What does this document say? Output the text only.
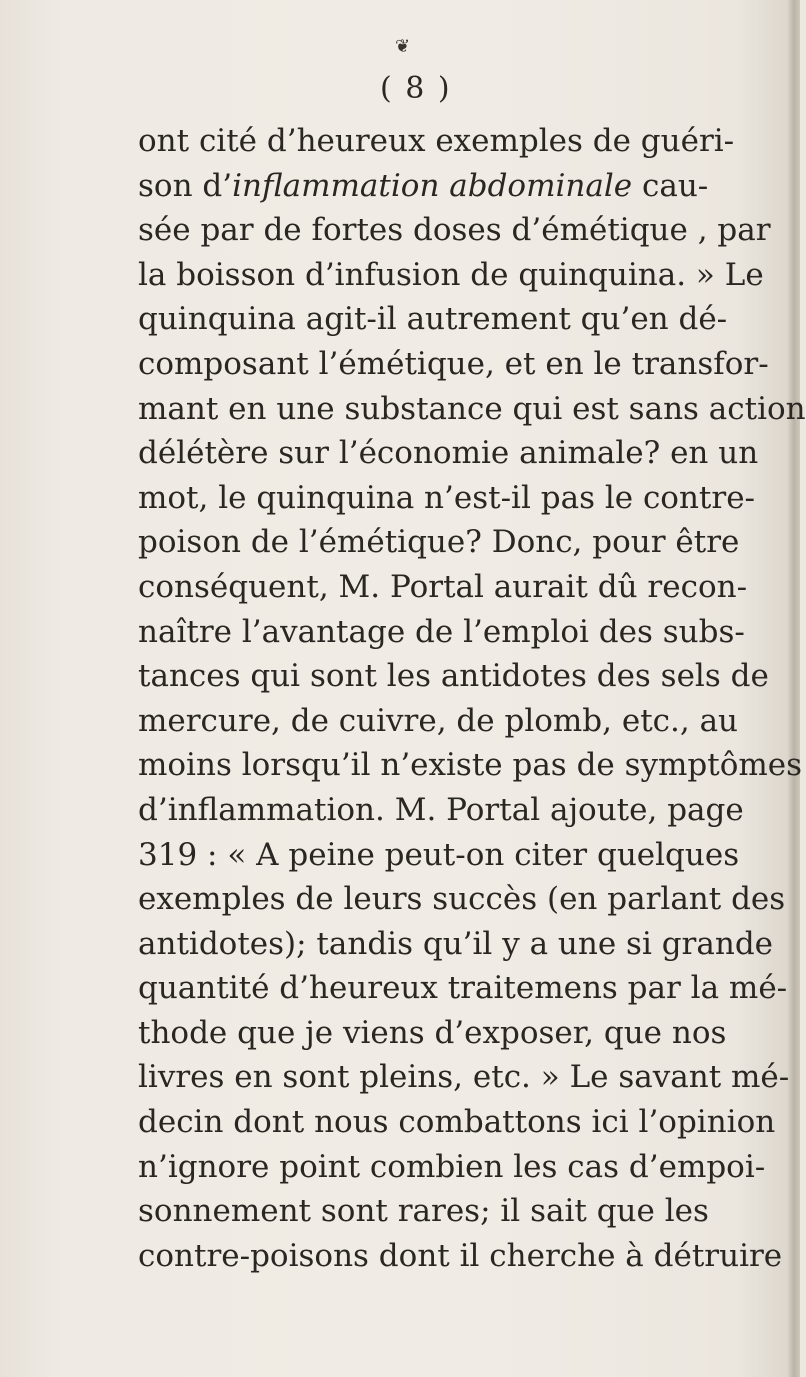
❦
( 8 )
ont cité d’heureux exemples de guéri-
son d’inflammation abdominale cau-
sée par de fortes doses d’émétique , par
la boisson d’infusion de quinquina. » Le
quinquina agit-il autrement qu’en dé-
composant l’émétique, et en le transfor-
mant en une substance qui est sans action
délétère sur l’économie animale? en un
mot, le quinquina n’est-il pas le contre-
poison de l’émétique? Donc, pour être
conséquent, M. Portal aurait dû recon-
naître l’avantage de l’emploi des subs-
tances qui sont les antidotes des sels de
mercure, de cuivre, de plomb, etc., au
moins lorsqu’il n’existe pas de symptômes
d’inflammation. M. Portal ajoute, page
319 : « A peine peut-on citer quelques
exemples de leurs succès (en parlant des
antidotes); tandis qu’il y a une si grande
quantité d’heureux traitemens par la mé-
thode que je viens d’exposer, que nos
livres en sont pleins, etc. » Le savant mé-
decin dont nous combattons ici l’opinion
n’ignore point combien les cas d’empoi-
sonnement sont rares; il sait que les
contre-poisons dont il cherche à détruire
